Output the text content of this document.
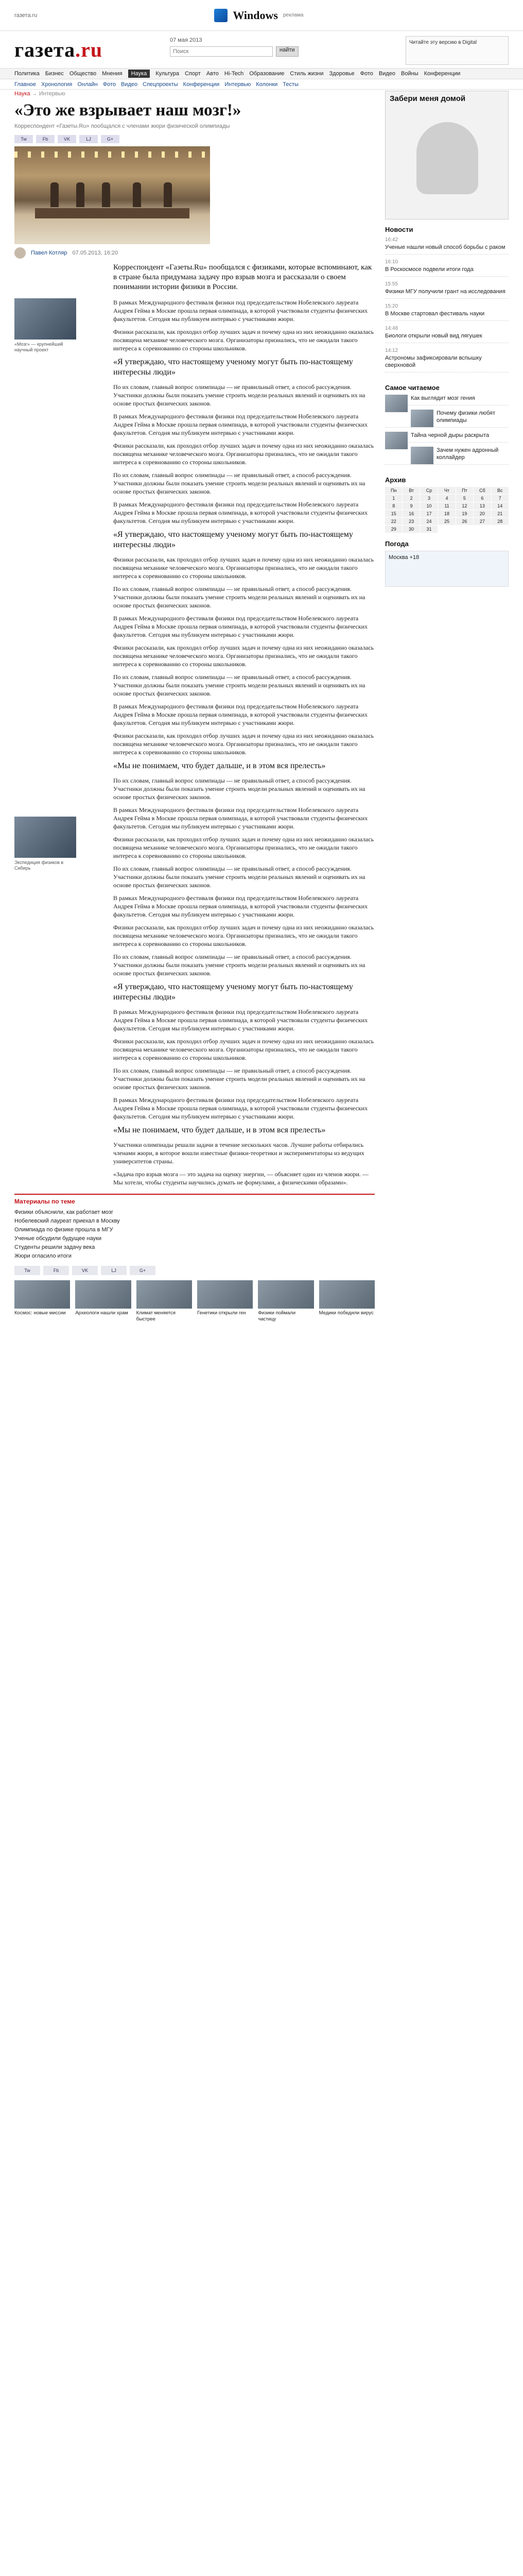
газета.ru	Windows реклама
газета.ru	07 мая 2013
Поиск
найти
Читайте эту версию в Digital
Политика Бизнес Общество Мнения	Наука	Культура Спорт Авто Hi-Tech Образование Стиль жизни Здоровье Фото Видео Войны Конференции
Главное Хронология Онлайн Фото Видео Спецпроекты Конференции Интервью Колонки Тесты
Наука → Интервью
«Это же взрывает наш мозг!»
Корреспондент «Газеты.Ru» пообщался с членами жюри физической олимпиады
Tw	Fb	VK	LJ	G+
Павел Котляр 07.05.2013, 16:20
Корреспондент «Газеты.Ru» пообщался с физиками, которые вспоминают, как в стране была придумана задачу про взрыв мозга и рассказали о своем понимании истории физики в России.
«Мозг» — крупнейший научный проект
Экспедиция физиков в Сибирь

В рамках Международного фестиваля физики под председательством Нобелевского лауреата Андрея Гейма в Москве прошла первая олимпиада, в которой участвовали студенты физических факультетов. Сегодня мы публикуем интервью с участниками жюри.

Физики рассказали, как проходил отбор лучших задач и почему одна из них неожиданно оказалась посвящена механике человеческого мозга. Организаторы признались, что не ожидали такого интереса к соревнованию со стороны школьников.

«Я утверждаю, что настоящему ученому могут быть по-настоящему интересны люди»

По их словам, главный вопрос олимпиады — не правильный ответ, а способ рассуждения. Участники должны были показать умение строить модели реальных явлений и оценивать их на основе простых физических законов.

В рамках Международного фестиваля физики под председательством Нобелевского лауреата Андрея Гейма в Москве прошла первая олимпиада, в которой участвовали студенты физических факультетов. Сегодня мы публикуем интервью с участниками жюри.

Физики рассказали, как проходил отбор лучших задач и почему одна из них неожиданно оказалась посвящена механике человеческого мозга. Организаторы признались, что не ожидали такого интереса к соревнованию со стороны школьников.

По их словам, главный вопрос олимпиады — не правильный ответ, а способ рассуждения. Участники должны были показать умение строить модели реальных явлений и оценивать их на основе простых физических законов.

В рамках Международного фестиваля физики под председательством Нобелевского лауреата Андрея Гейма в Москве прошла первая олимпиада, в которой участвовали студенты физических факультетов. Сегодня мы публикуем интервью с участниками жюри.

«Я утверждаю, что настоящему ученому могут быть по-настоящему интересны люди»

Физики рассказали, как проходил отбор лучших задач и почему одна из них неожиданно оказалась посвящена механике человеческого мозга. Организаторы признались, что не ожидали такого интереса к соревнованию со стороны школьников.

По их словам, главный вопрос олимпиады — не правильный ответ, а способ рассуждения. Участники должны были показать умение строить модели реальных явлений и оценивать их на основе простых физических законов.

В рамках Международного фестиваля физики под председательством Нобелевского лауреата Андрея Гейма в Москве прошла первая олимпиада, в которой участвовали студенты физических факультетов. Сегодня мы публикуем интервью с участниками жюри.

Физики рассказали, как проходил отбор лучших задач и почему одна из них неожиданно оказалась посвящена механике человеческого мозга. Организаторы признались, что не ожидали такого интереса к соревнованию со стороны школьников.

По их словам, главный вопрос олимпиады — не правильный ответ, а способ рассуждения. Участники должны были показать умение строить модели реальных явлений и оценивать их на основе простых физических законов.

В рамках Международного фестиваля физики под председательством Нобелевского лауреата Андрея Гейма в Москве прошла первая олимпиада, в которой участвовали студенты физических факультетов. Сегодня мы публикуем интервью с участниками жюри.

Физики рассказали, как проходил отбор лучших задач и почему одна из них неожиданно оказалась посвящена механике человеческого мозга. Организаторы признались, что не ожидали такого интереса к соревнованию со стороны школьников.

«Мы не понимаем, что будет дальше, и в этом вся прелесть»

По их словам, главный вопрос олимпиады — не правильный ответ, а способ рассуждения. Участники должны были показать умение строить модели реальных явлений и оценивать их на основе простых физических законов.

В рамках Международного фестиваля физики под председательством Нобелевского лауреата Андрея Гейма в Москве прошла первая олимпиада, в которой участвовали студенты физических факультетов. Сегодня мы публикуем интервью с участниками жюри.

Физики рассказали, как проходил отбор лучших задач и почему одна из них неожиданно оказалась посвящена механике человеческого мозга. Организаторы признались, что не ожидали такого интереса к соревнованию со стороны школьников.

По их словам, главный вопрос олимпиады — не правильный ответ, а способ рассуждения. Участники должны были показать умение строить модели реальных явлений и оценивать их на основе простых физических законов.

В рамках Международного фестиваля физики под председательством Нобелевского лауреата Андрея Гейма в Москве прошла первая олимпиада, в которой участвовали студенты физических факультетов. Сегодня мы публикуем интервью с участниками жюри.

Физики рассказали, как проходил отбор лучших задач и почему одна из них неожиданно оказалась посвящена механике человеческого мозга. Организаторы признались, что не ожидали такого интереса к соревнованию со стороны школьников.

По их словам, главный вопрос олимпиады — не правильный ответ, а способ рассуждения. Участники должны были показать умение строить модели реальных явлений и оценивать их на основе простых физических законов.

«Я утверждаю, что настоящему ученому могут быть по-настоящему интересны люди»

В рамках Международного фестиваля физики под председательством Нобелевского лауреата Андрея Гейма в Москве прошла первая олимпиада, в которой участвовали студенты физических факультетов. Сегодня мы публикуем интервью с участниками жюри.

Физики рассказали, как проходил отбор лучших задач и почему одна из них неожиданно оказалась посвящена механике человеческого мозга. Организаторы признались, что не ожидали такого интереса к соревнованию со стороны школьников.

По их словам, главный вопрос олимпиады — не правильный ответ, а способ рассуждения. Участники должны были показать умение строить модели реальных явлений и оценивать их на основе простых физических законов.

В рамках Международного фестиваля физики под председательством Нобелевского лауреата Андрея Гейма в Москве прошла первая олимпиада, в которой участвовали студенты физических факультетов. Сегодня мы публикуем интервью с участниками жюри.

«Мы не понимаем, что будет дальше, и в этом вся прелесть»

Участники олимпиады решали задачи в течение нескольких часов. Лучшие работы отбирались членами жюри, в которое вошли известные физики-теоретики и экспериментаторы из ведущих университетов страны.

«Задача про взрыв мозга — это задача на оценку энергии, — объясняет один из членов жюри. — Мы хотели, чтобы студенты научились думать не формулами, а физическими образами».

Материалы по теме
Физики объяснили, как работает мозг
Нобелевский лауреат приехал в Москву
Олимпиада по физике прошла в МГУ
Ученые обсудили будущее науки
Студенты решили задачу века
Жюри огласило итоги
Tw	Fb	VK	LJ	G+

Космос: новые миссии	Археологи нашли храм	Климат меняется быстрее

Генетики открыли ген	Физики поймали частицу

Медики победили вирус

Забери меня домой
Новости
16:42
Ученые нашли новый способ борьбы с раком
16:10
В Роскосмосе подвели итоги года
15:55
Физики МГУ получили грант на исследования
15:20
В Москве стартовал фестиваль науки
14:48
Биологи открыли новый вид лягушек
14:12
Астрономы зафиксировали вспышку сверхновой
Самое читаемое
Как выглядит мозг гения
Почему физики любят олимпиады
Тайна черной дыры раскрыта
Зачем нужен адронный коллайдер
Архив
Пн	Вт	Ср	Чт	Пт	Сб	Вс
1	2	3	4	5	6	7
8	9	10	11	12	13	14
15	16	17	18	19	20	21
22	23	24	25	26	27	28
29	30	31
Погода
Москва +18
